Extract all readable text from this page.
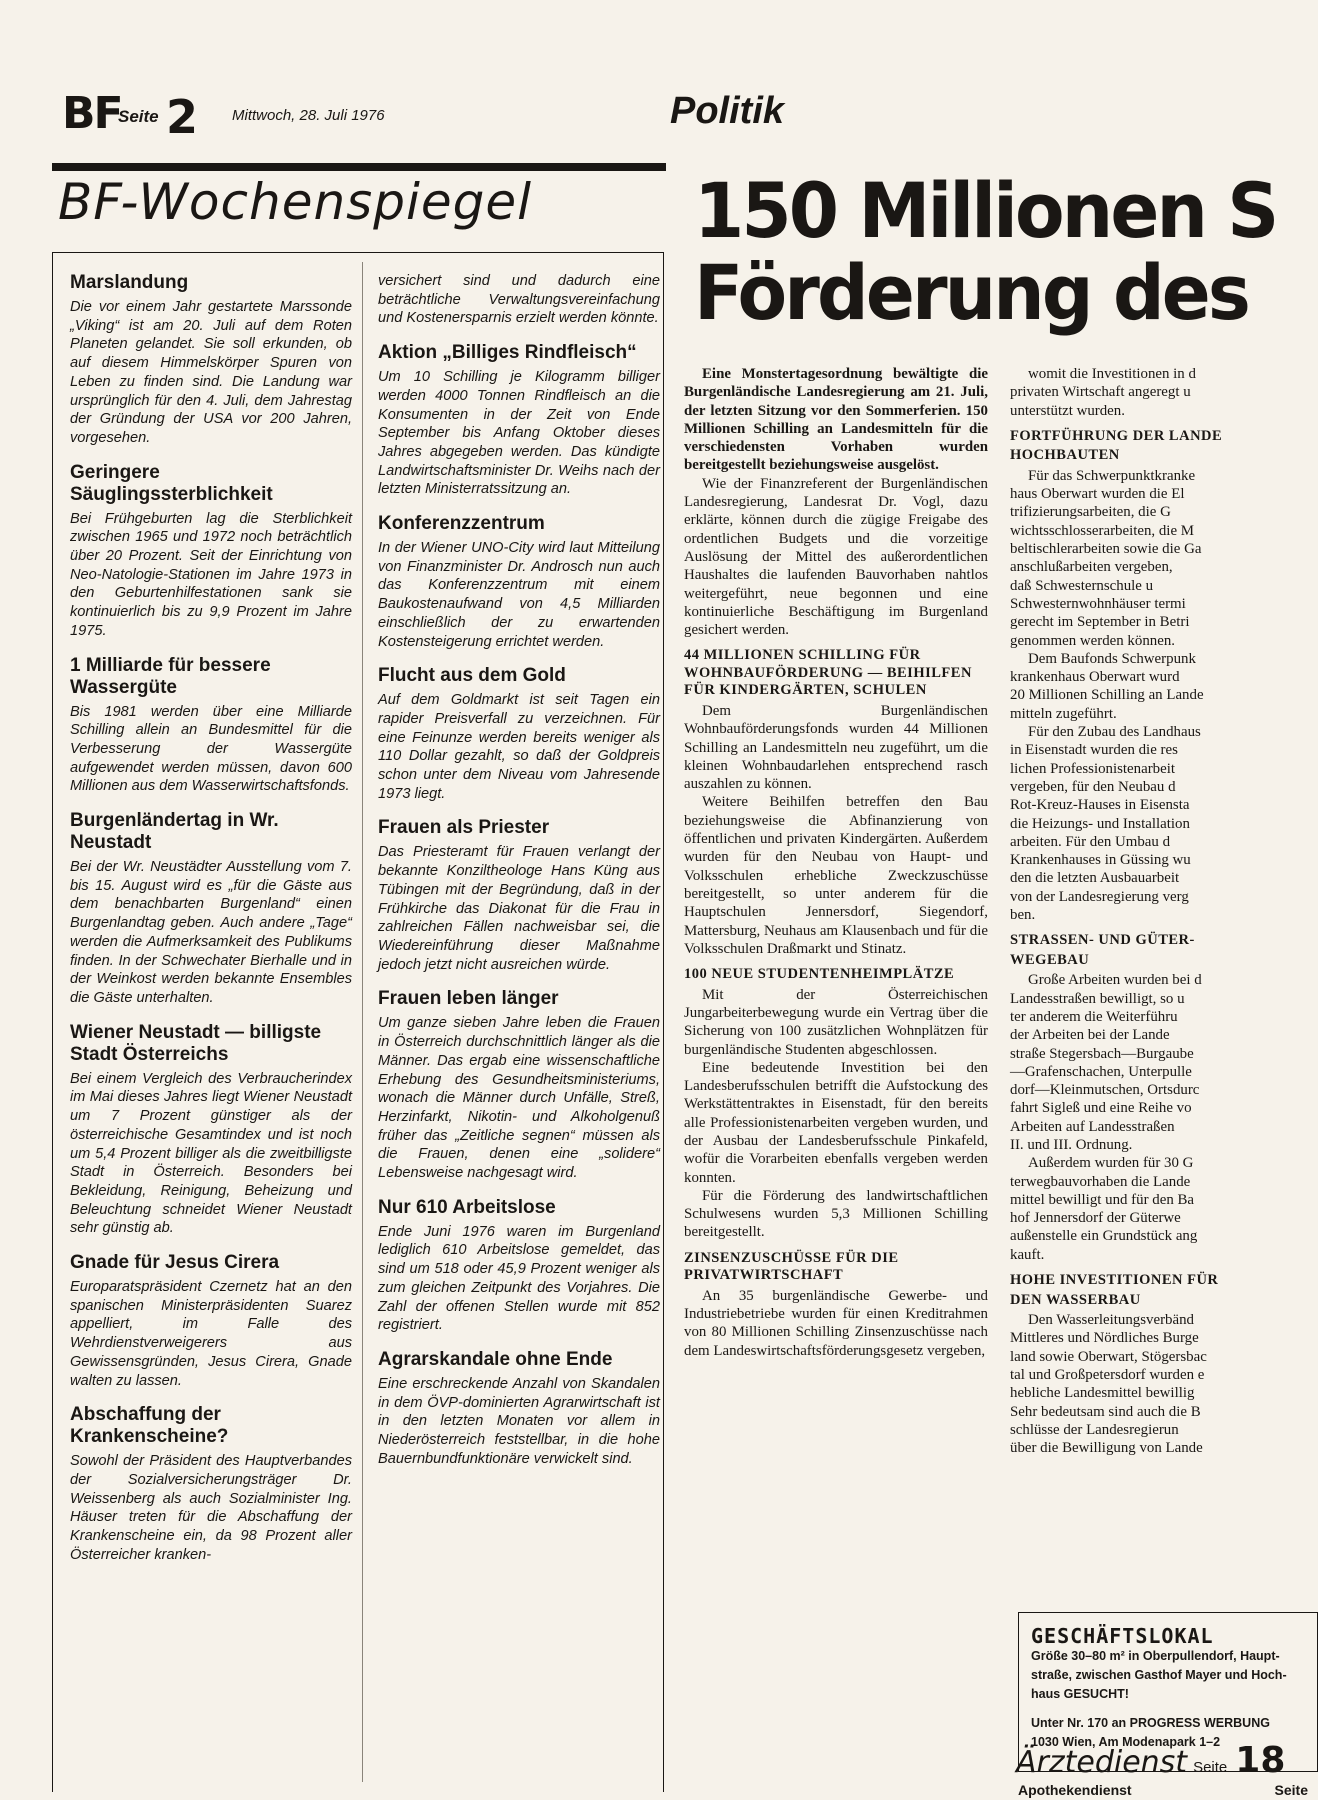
BF
Seite 2 Mittwoch, 28. Juli 1976	Politik
BF-Wochenspiegel
Marslandung

Die vor einem Jahr gestartete Marssonde „Viking“ ist am 20. Juli auf dem Roten Planeten gelandet. Sie soll erkunden, ob auf diesem Himmelskörper Spuren von Leben zu finden sind. Die Landung war ursprünglich für den 4. Juli, dem Jahrestag der Gründung der USA vor 200 Jahren, vorgesehen.

Geringere Säuglingssterblichkeit

Bei Frühgeburten lag die Sterblichkeit zwischen 1965 und 1972 noch beträchtlich über 20 Prozent. Seit der Einrichtung von Neo-Natologie-Stationen im Jahre 1973 in den Geburtenhilfestationen sank sie kontinuierlich bis zu 9,9 Prozent im Jahre 1975.

1 Milliarde für bessere Wassergüte

Bis 1981 werden über eine Milliarde Schilling allein an Bundesmittel für die Verbesserung der Wassergüte aufgewendet werden müssen, davon 600 Millionen aus dem Wasserwirtschaftsfonds.

Burgenländertag in Wr. Neustadt

Bei der Wr. Neustädter Ausstellung vom 7. bis 15. August wird es „für die Gäste aus dem benachbarten Burgenland“ einen Burgenlandtag geben. Auch andere „Tage“ werden die Aufmerksamkeit des Publikums finden. In der Schwechater Bierhalle und in der Weinkost werden bekannte Ensembles die Gäste unterhalten.

Wiener Neustadt — billigste Stadt Österreichs

Bei einem Vergleich des Verbraucherindex im Mai dieses Jahres liegt Wiener Neustadt um 7 Prozent günstiger als der österreichische Gesamtindex und ist noch um 5,4 Prozent billiger als die zweitbilligste Stadt in Österreich. Besonders bei Bekleidung, Reinigung, Beheizung und Beleuchtung schneidet Wiener Neustadt sehr günstig ab.

Gnade für Jesus Cirera

Europaratspräsident Czernetz hat an den spanischen Ministerpräsidenten Suarez appelliert, im Falle des Wehrdienstverweigerers aus Gewissensgründen, Jesus Cirera, Gnade walten zu lassen.

Abschaffung der Krankenscheine?

Sowohl der Präsident des Hauptverbandes der Sozialversicherungsträger Dr. Weissenberg als auch Sozialminister Ing. Häuser treten für die Abschaffung der Krankenscheine ein, da 98 Prozent aller Österreicher kranken-

versichert sind und dadurch eine beträchtliche Verwaltungsvereinfachung und Kostenersparnis erzielt werden könnte.

Aktion „Billiges Rindfleisch“

Um 10 Schilling je Kilogramm billiger werden 4000 Tonnen Rindfleisch an die Konsumenten in der Zeit von Ende September bis Anfang Oktober dieses Jahres abgegeben werden. Das kündigte Landwirtschaftsminister Dr. Weihs nach der letzten Ministerratssitzung an.

Konferenzzentrum

In der Wiener UNO-City wird laut Mitteilung von Finanzminister Dr. Androsch nun auch das Konferenzzentrum mit einem Baukostenaufwand von 4,5 Milliarden einschließlich der zu erwartenden Kostensteigerung errichtet werden.

Flucht aus dem Gold

Auf dem Goldmarkt ist seit Tagen ein rapider Preisverfall zu verzeichnen. Für eine Feinunze werden bereits weniger als 110 Dollar gezahlt, so daß der Goldpreis schon unter dem Niveau vom Jahresende 1973 liegt.

Frauen als Priester

Das Priesteramt für Frauen verlangt der bekannte Konziltheologe Hans Küng aus Tübingen mit der Begründung, daß in der Frühkirche das Diakonat für die Frau in zahlreichen Fällen nachweisbar sei, die Wiedereinführung dieser Maßnahme jedoch jetzt nicht ausreichen würde.

Frauen leben länger

Um ganze sieben Jahre leben die Frauen in Österreich durchschnittlich länger als die Männer. Das ergab eine wissenschaftliche Erhebung des Gesundheitsministeriums, wonach die Männer durch Unfälle, Streß, Herzinfarkt, Nikotin- und Alkoholgenuß früher das „Zeitliche segnen“ müssen als die Frauen, denen eine „solidere“ Lebensweise nachgesagt wird.

Nur 610 Arbeitslose

Ende Juni 1976 waren im Burgenland lediglich 610 Arbeitslose gemeldet, das sind um 518 oder 45,9 Prozent weniger als zum gleichen Zeitpunkt des Vorjahres. Die Zahl der offenen Stellen wurde mit 852 registriert.

Agrarskandale ohne Ende

Eine erschreckende Anzahl von Skandalen in dem ÖVP-dominierten Agrarwirtschaft ist in den letzten Monaten vor allem in Niederösterreich feststellbar, in die hohe Bauernbundfunktionäre verwickelt sind.

150 Millionen S
Förderung des

Eine Monstertagesordnung bewältigte die Burgenländische Landesregierung am 21. Juli, der letzten Sitzung vor den Sommerferien. 150 Millionen Schilling an Landesmitteln für die verschiedensten Vorhaben wurden bereitgestellt beziehungsweise ausgelöst.

Wie der Finanzreferent der Burgenländischen Landesregierung, Landesrat Dr. Vogl, dazu erklärte, können durch die zügige Freigabe des ordentlichen Budgets und die vorzeitige Auslösung der Mittel des außerordentlichen Haushaltes die laufenden Bauvorhaben nahtlos weitergeführt, neue begonnen und eine kontinuierliche Beschäftigung im Burgenland gesichert werden.

44 MILLIONEN SCHILLING FÜR WOHNBAUFÖRDERUNG — BEIHILFEN FÜR KINDERGÄRTEN, SCHULEN

Dem Burgenländischen Wohnbauförderungsfonds wurden 44 Millionen Schilling an Landesmitteln neu zugeführt, um die kleinen Wohnbaudarlehen entsprechend rasch auszahlen zu können.

Weitere Beihilfen betreffen den Bau beziehungsweise die Abfinanzierung von öffentlichen und privaten Kindergärten. Außerdem wurden für den Neubau von Haupt- und Volksschulen erhebliche Zweckzuschüsse bereitgestellt, so unter anderem für die Hauptschulen Jennersdorf, Siegendorf, Mattersburg, Neuhaus am Klausenbach und für die Volksschulen Draßmarkt und Stinatz.

100 NEUE STUDENTENHEIMPLÄTZE

Mit der Österreichischen Jungarbeiterbewegung wurde ein Vertrag über die Sicherung von 100 zusätzlichen Wohnplätzen für burgenländische Studenten abgeschlossen.

Eine bedeutende Investition bei den Landesberufsschulen betrifft die Aufstockung des Werkstättentraktes in Eisenstadt, für den bereits alle Professionistenarbeiten vergeben wurden, und der Ausbau der Landesberufsschule Pinkafeld, wofür die Vorarbeiten ebenfalls vergeben werden konnten.

Für die Förderung des landwirtschaftlichen Schulwesens wurden 5,3 Millionen Schilling bereitgestellt.

ZINSENZUSCHÜSSE FÜR DIE PRIVATWIRTSCHAFT

An 35 burgenländische Gewerbe- und Industriebetriebe wurden für einen Kreditrahmen von 80 Millionen Schilling Zinsenzuschüsse nach dem Landeswirtschaftsförderungsgesetz vergeben,

womit die Investitionen in d

privaten Wirtschaft angeregt u

unterstützt wurden.

FORTFÜHRUNG DER LANDE
HOCHBAUTEN

Für das Schwerpunktkranke

haus Oberwart wurden die El

trifizierungsarbeiten, die G

wichtsschlosserarbeiten, die M

beltischlerarbeiten sowie die Ga

anschlußarbeiten vergeben,

daß Schwesternschule u

Schwesternwohnhäuser termi

gerecht im September in Betri

genommen werden können.

Dem Baufonds Schwerpunk

krankenhaus Oberwart wurd

20 Millionen Schilling an Lande

mitteln zugeführt.

Für den Zubau des Landhaus

in Eisenstadt wurden die res

lichen Professionistenarbeit

vergeben, für den Neubau d

Rot-Kreuz-Hauses in Eisensta

die Heizungs- und Installation

arbeiten. Für den Umbau d

Krankenhauses in Güssing wu

den die letzten Ausbauarbeit

von der Landesregierung verg

ben.

STRASSEN- UND GÜTER-
WEGEBAU

Große Arbeiten wurden bei d

Landesstraßen bewilligt, so u

ter anderem die Weiterführu

der Arbeiten bei der Lande

straße Stegersbach—Burgaube

—Grafenschachen, Unterpulle

dorf—Kleinmutschen, Ortsdurc

fahrt Sigleß und eine Reihe vo

Arbeiten auf Landesstraßen

II. und III. Ordnung.

Außerdem wurden für 30 G

terwegbauvorhaben die Lande

mittel bewilligt und für den Ba

hof Jennersdorf der Güterwe

außenstelle ein Grundstück ang

kauft.

HOHE INVESTITIONEN FÜR
DEN WASSERBAU

Den Wasserleitungsverbänd

Mittleres und Nördliches Burge

land sowie Oberwart, Stögersbac

tal und Großpetersdorf wurden e

hebliche Landesmittel bewillig

Sehr bedeutsam sind auch die B

schlüsse der Landesregierun

über die Bewilligung von Lande

GESCHÄFTSLOKAL
Größe 30–80 m² in Oberpullendorf, Haupt-
straße, zwischen Gasthof Mayer und Hoch-
haus GESUCHT!
Unter Nr. 170 an PROGRESS WERBUNG
1030 Wien, Am Modenapark 1–2
Ärztedienst Seite 18
Apothekendienst	Seite
